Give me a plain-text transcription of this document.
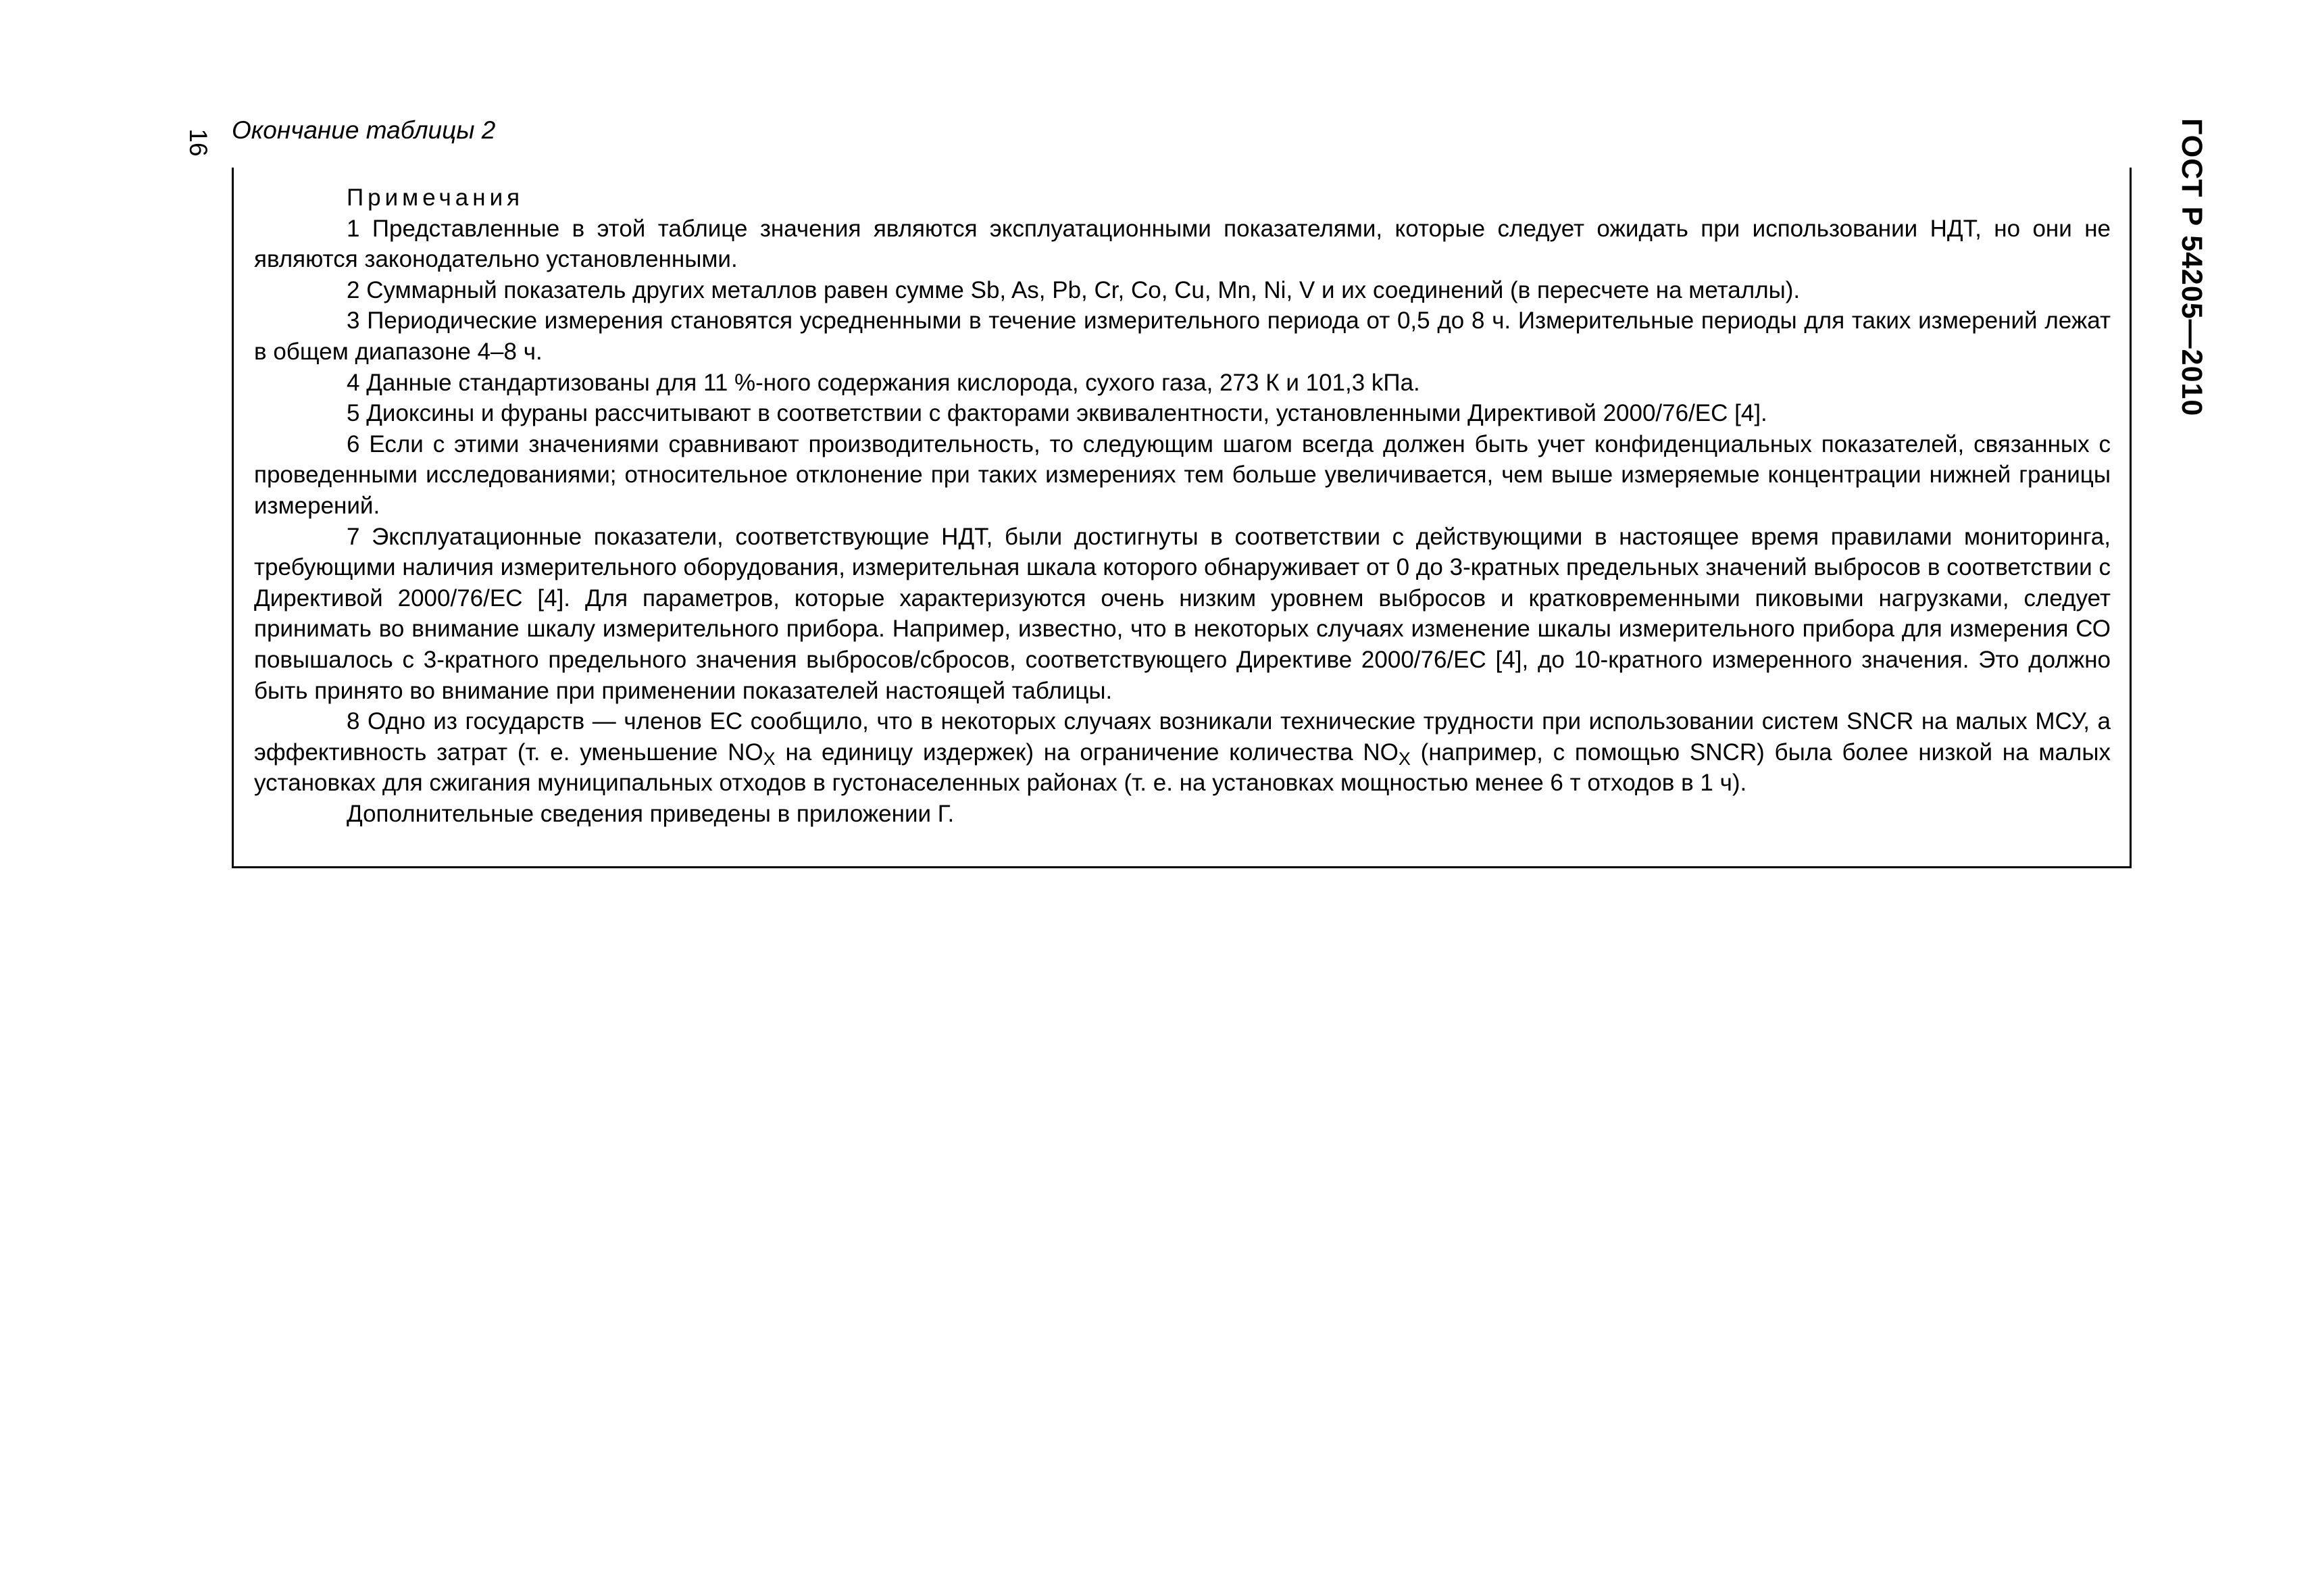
16 Окончание таблицы 2	ГОСТ Р 54205—2010

Примечания

1 Представленные в этой таблице значения являются эксплуатационными показателями, которые следует ожидать при использовании НДТ, но они не являются законодательно установленными.

2 Суммарный показатель других металлов равен сумме Sb, As, Pb, Cr, Co, Cu, Mn, Ni, V и их соединений (в пересчете на металлы).

3 Периодические измерения становятся усредненными в течение измерительного периода от 0,5 до 8 ч. Измерительные периоды для таких измерений лежат в общем диапазоне 4–8 ч.

4 Данные стандартизованы для 11 %-ного содержания кислорода, сухого газа, 273 К и 101,3 kПа.

5 Диоксины и фураны рассчитывают в соответствии с факторами эквивалентности, установленными Директивой 2000/76/ЕС [4].

6 Если с этими значениями сравнивают производительность, то следующим шагом всегда должен быть учет конфиденциальных показателей, связанных с проведенными исследованиями; относительное отклонение при таких измерениях тем больше увеличивается, чем выше измеряемые концентрации нижней границы измерений.

7 Эксплуатационные показатели, соответствующие НДТ, были достигнуты в соответствии с действующими в настоящее время правилами мониторинга, требующими наличия измерительного оборудования, измерительная шкала которого обнаруживает от 0 до 3-кратных предельных значений выбросов в соответствии с Директивой 2000/76/ЕС [4]. Для параметров, которые характеризуются очень низким уровнем выбросов и кратковременными пиковыми нагрузками, следует принимать во внимание шкалу измерительного прибора. Например, известно, что в некоторых случаях изменение шкалы измерительного прибора для измерения СО повышалось с 3-кратного предельного значения выбросов/сбросов, соответствующего Директиве 2000/76/ЕС [4], до 10-кратного измеренного значения. Это должно быть принято во внимание при применении показателей настоящей таблицы.

8 Одно из государств — членов ЕС сообщило, что в некоторых случаях возникали технические трудности при использовании систем SNCR на малых МСУ, а эффективность затрат (т. е. уменьшение $NO_X$ на единицу издержек) на ограничение количества $NO_X$ (например, с помощью SNCR) была более низкой на малых установках для сжигания муниципальных отходов в густонаселенных районах (т. е. на установках мощностью менее 6 т отходов в 1 ч).

Дополнительные сведения приведены в приложении Г.
